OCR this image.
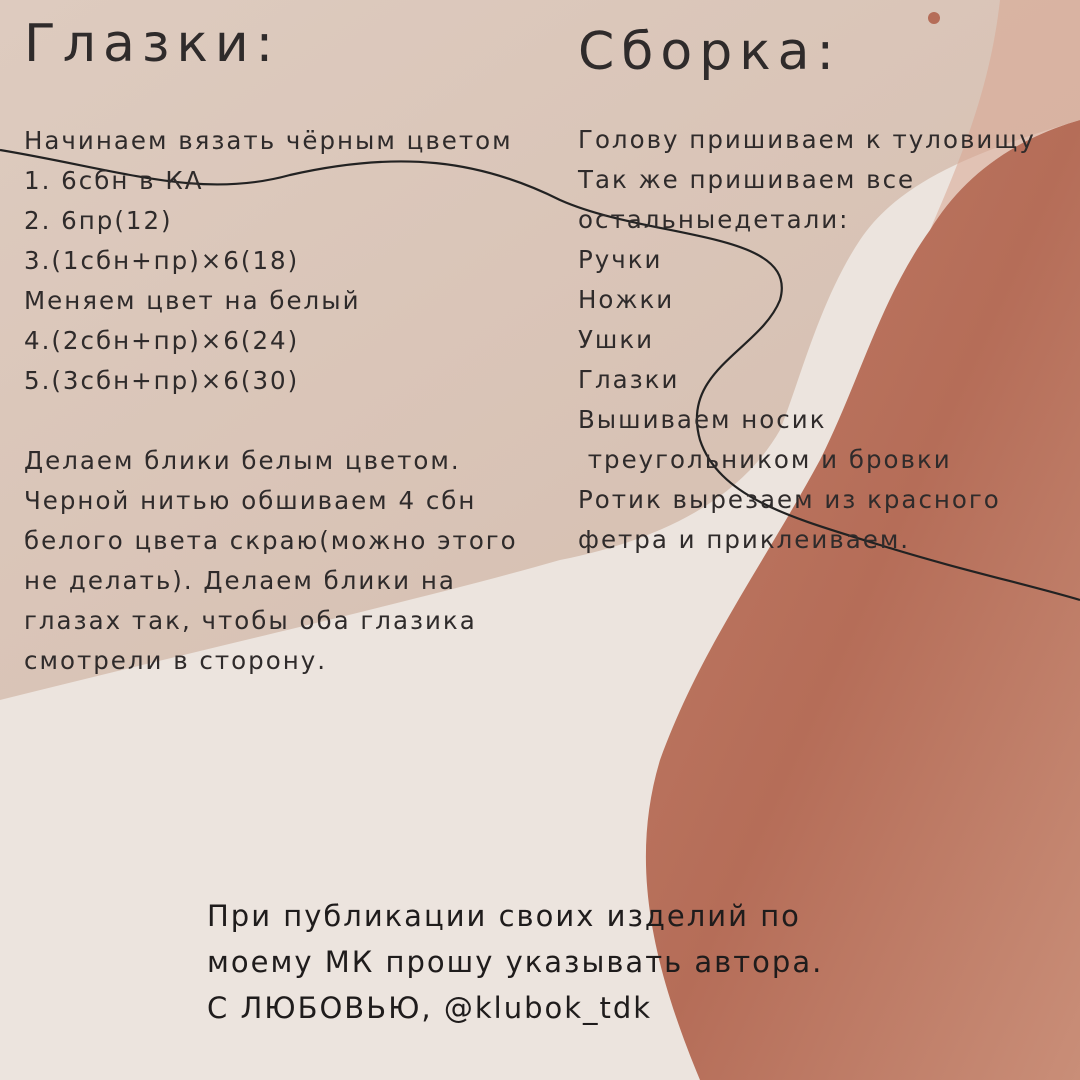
Глазки:
Начинаем вязать чёрным цветом
1. 6сбн в КА
2. 6пр(12)
3.(1сбн+пр)×6(18)
Меняем цвет на белый
4.(2сбн+пр)×6(24)
5.(3сбн+пр)×6(30)
Делаем блики белым цветом.
Черной нитью обшиваем 4 сбн
белого цвета скраю(можно этого
не делать). Делаем блики на
глазах так, чтобы оба глазика
смотрели в сторону.
Сборка:
Голову пришиваем к туловищу
Так же пришиваем все
остальныедетали:
Ручки
Ножки
Ушки
Глазки
Вышиваем носик
треугольником и бровки
Ротик вырезаем из красного
фетра и приклеиваем.
При публикации своих изделий по
моему МК прошу указывать автора.
С ЛЮБОВЬЮ, @klubok_tdk
